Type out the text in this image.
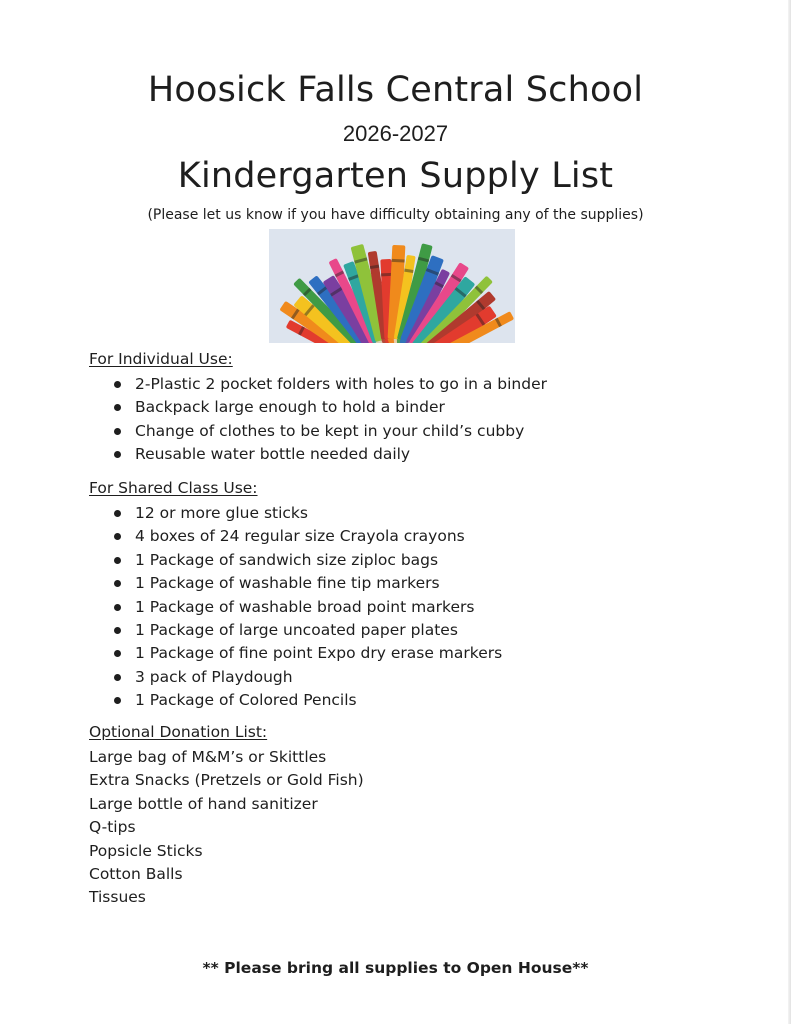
Hoosick Falls Central School
2026-2027
Kindergarten Supply List
(Please let us know if you have difficulty obtaining any of the supplies)
For Individual Use:
2-Plastic 2 pocket folders with holes to go in a binder
Backpack large enough to hold a binder
Change of clothes to be kept in your child’s cubby
Reusable water bottle needed daily
For Shared Class Use:
12 or more glue sticks
4 boxes of 24 regular size Crayola crayons
1 Package of sandwich size ziploc bags
1 Package of washable fine tip markers
1 Package of washable broad point markers
1 Package of large uncoated paper plates
1 Package of fine point Expo dry erase markers
3 pack of Playdough
1 Package of Colored Pencils
Optional Donation List:
Large bag of M&M’s or Skittles
Extra Snacks (Pretzels or Gold Fish)
Large bottle of hand sanitizer
Q-tips
Popsicle Sticks
Cotton Balls
Tissues
** Please bring all supplies to Open House**
